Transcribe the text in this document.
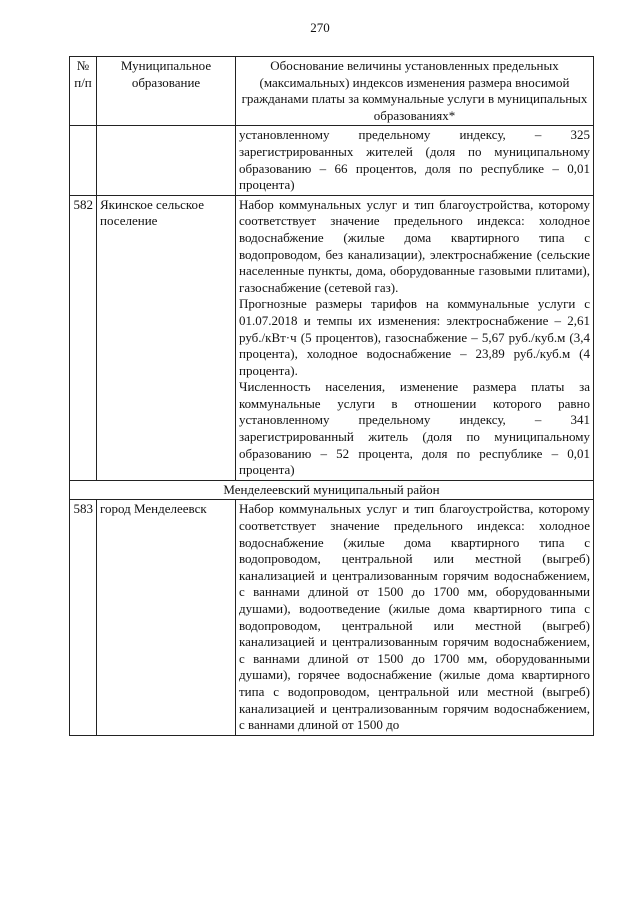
270
№
п/п	Муниципальное образование	Обоснование величины установленных предельных (максимальных) индексов изменения размера вносимой гражданами платы за коммунальные услуги в муниципальных образованиях*

		установленному предельному индексу, – 325 зарегистрированных жителей (доля по муниципальному образованию – 66 процентов, доля по республике – 0,01 процента)

582	Якинское сельское поселение	Набор коммунальных услуг и тип благоустройства, которому соответствует значение предельного индекса: холодное водоснабжение (жилые дома квартирного типа с водопроводом, без канализации), электроснабжение (сельские населенные пункты, дома, оборудованные газовыми плитами), газоснабжение (сетевой газ).

Прогнозные размеры тарифов на коммунальные услуги с 01.07.2018 и темпы их изменения: электроснабжение – 2,61 руб./кВт·ч (5 процентов), газоснабжение – 5,67 руб./куб.м (3,4 процента), холодное водоснабжение – 23,89 руб./куб.м (4 процента).

Численность населения, изменение размера платы за коммунальные услуги в отношении которого равно установленному предельному индексу, – 341 зарегистрированный житель (доля по муниципальному образованию – 52 процента, доля по республике – 0,01 процента)

Менделеевский муниципальный район		
583	город Менделеевск	Набор коммунальных услуг и тип благоустройства, которому соответствует значение предельного индекса: холодное водоснабжение (жилые дома квартирного типа с водопроводом, центральной или местной (выгреб) канализацией и централизованным горячим водоснабжением, с ваннами длиной от 1500 до 1700 мм, оборудованными душами), водоотведение (жилые дома квартирного типа с водопроводом, центральной или местной (выгреб) канализацией и централизованным горячим водоснабжением, с ваннами длиной от 1500 до 1700 мм, оборудованными душами), горячее водоснабжение (жилые дома квартирного типа с водопроводом, центральной или местной (выгреб) канализацией и централизованным горячим водоснабжением, с ваннами длиной от 1500 до
